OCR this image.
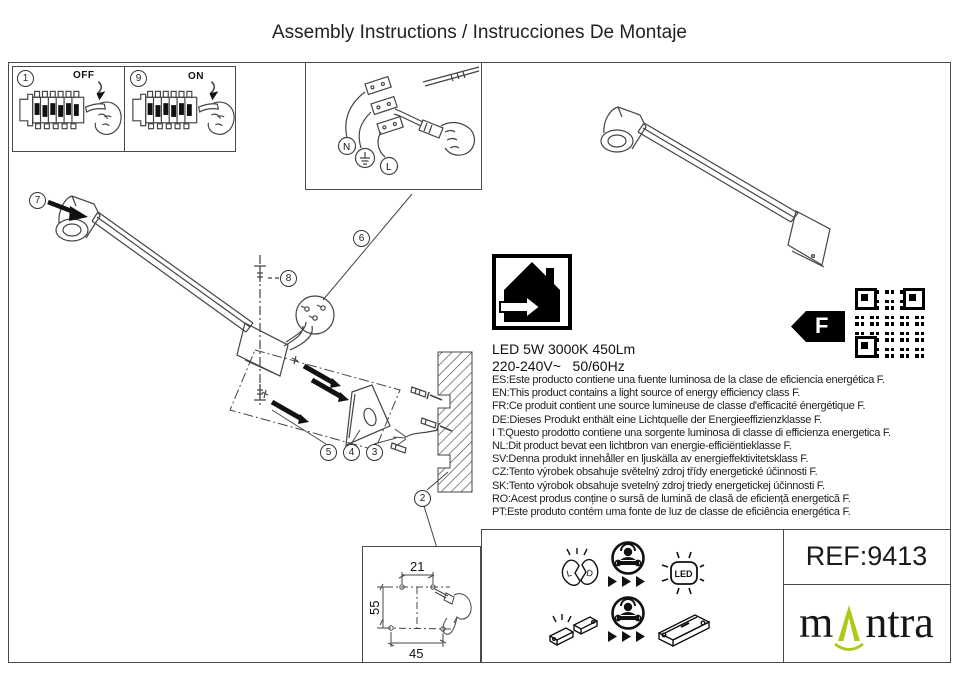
Assembly Instructions / Instrucciones De Montaje
1	9
OFF	ON
N
L
7
6
8
5	4	3
2
LED 5W 3000K 450Lm
220-240V~   50/60Hz
ES:Este producto contiene una fuente luminosa de la clase de eficiencia energética F.
EN:This product contains a light source of energy efficiency class F.
FR:Ce produit contient une source lumineuse de classe d'efficacité énergétique F.
DE:Dieses Produkt enthält eine Lichtquelle der Energieeffizienzklasse F.
I T:Questo prodotto contiene una sorgente luminosa di classe di efficienza energetica F.
NL:Dit product bevat een lichtbron van energie-efficiëntieklasse F.
SV:Denna produkt innehåller en ljuskälla av energieffektivitetsklass F.
CZ:Tento výrobek obsahuje světelný zdroj třídy energetické účinnosti F.
SK:Tento výrobok obsahuje svetelný zdroj triedy energetickej účinnosti F.
RO:Acest produs conține o sursă de lumină de clasă de eficiență energetică F.
PT:Este produto contém uma fonte de luz de classe de eficiência energética F.
F
21
55
45
L D	LED
REF:9413
m ntra
